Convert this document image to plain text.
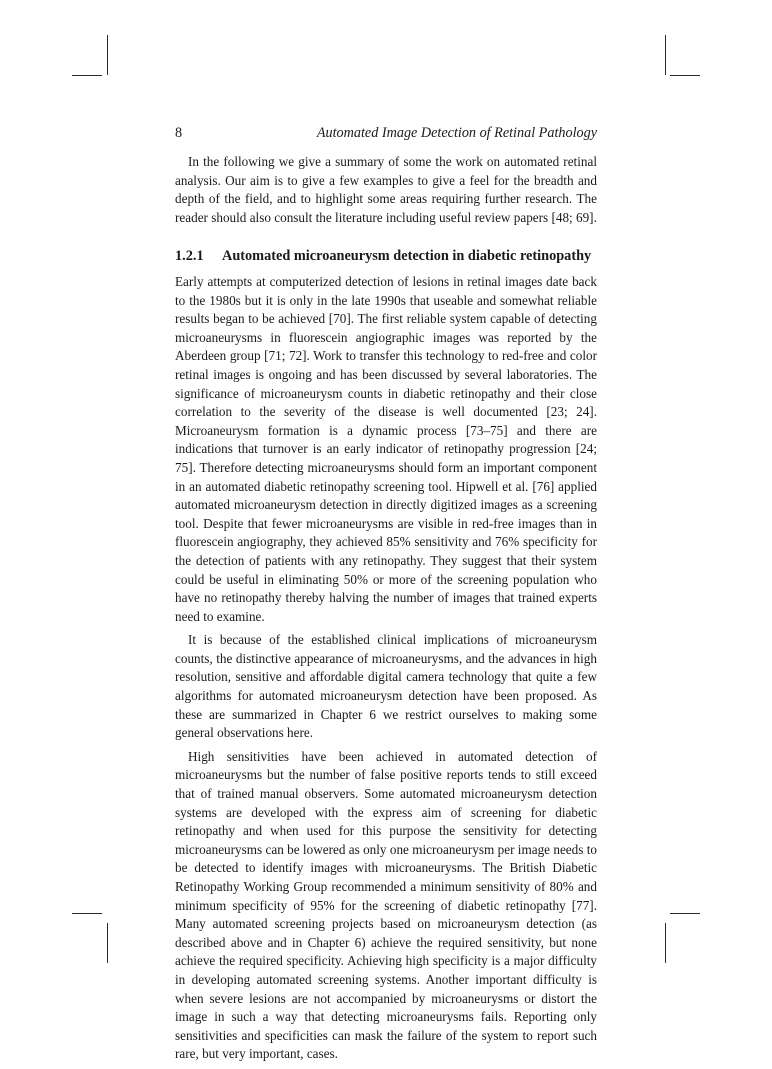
8	Automated Image Detection of Retinal Pathology

In the following we give a summary of some the work on automated retinal analysis. Our aim is to give a few examples to give a feel for the breadth and depth of the field, and to highlight some areas requiring further research. The reader should also consult the literature including useful review papers [48; 69].

1.2.1 Automated microaneurysm detection in diabetic retinopathy

Early attempts at computerized detection of lesions in retinal images date back to the 1980s but it is only in the late 1990s that useable and somewhat reliable results began to be achieved [70]. The first reliable system capable of detecting microaneurysms in fluorescein angiographic images was reported by the Aberdeen group [71; 72]. Work to transfer this technology to red-free and color retinal images is ongoing and has been discussed by several laboratories. The significance of microaneurysm counts in diabetic retinopathy and their close correlation to the severity of the disease is well documented [23; 24]. Microaneurysm formation is a dynamic process [73–75] and there are indications that turnover is an early indicator of retinopathy progression [24; 75]. Therefore detecting microaneurysms should form an important component in an automated diabetic retinopathy screening tool. Hipwell et al. [76] applied automated microaneurysm detection in directly digitized images as a screening tool. Despite that fewer microaneurysms are visible in red-free images than in fluorescein angiography, they achieved 85% sensitivity and 76% specificity for the detection of patients with any retinopathy. They suggest that their system could be useful in eliminating 50% or more of the screening population who have no retinopathy thereby halving the number of images that trained experts need to examine.

It is because of the established clinical implications of microaneurysm counts, the distinctive appearance of microaneurysms, and the advances in high resolution, sensitive and affordable digital camera technology that quite a few algorithms for automated microaneurysm detection have been proposed. As these are summarized in Chapter 6 we restrict ourselves to making some general observations here.

High sensitivities have been achieved in automated detection of microaneurysms but the number of false positive reports tends to still exceed that of trained manual observers. Some automated microaneurysm detection systems are developed with the express aim of screening for diabetic retinopathy and when used for this purpose the sensitivity for detecting microaneurysms can be lowered as only one microaneurysm per image needs to be detected to identify images with microaneurysms. The British Diabetic Retinopathy Working Group recommended a minimum sensitivity of 80% and minimum specificity of 95% for the screening of diabetic retinopathy [77]. Many automated screening projects based on microaneurysm detection (as described above and in Chapter 6) achieve the required sensitivity, but none achieve the required specificity. Achieving high specificity is a major difficulty in developing automated screening systems. Another important difficulty is when severe lesions are not accompanied by microaneurysms or distort the image in such a way that detecting microaneurysms fails. Reporting only sensitivities and specificities can mask the failure of the system to report such rare, but very important, cases.
